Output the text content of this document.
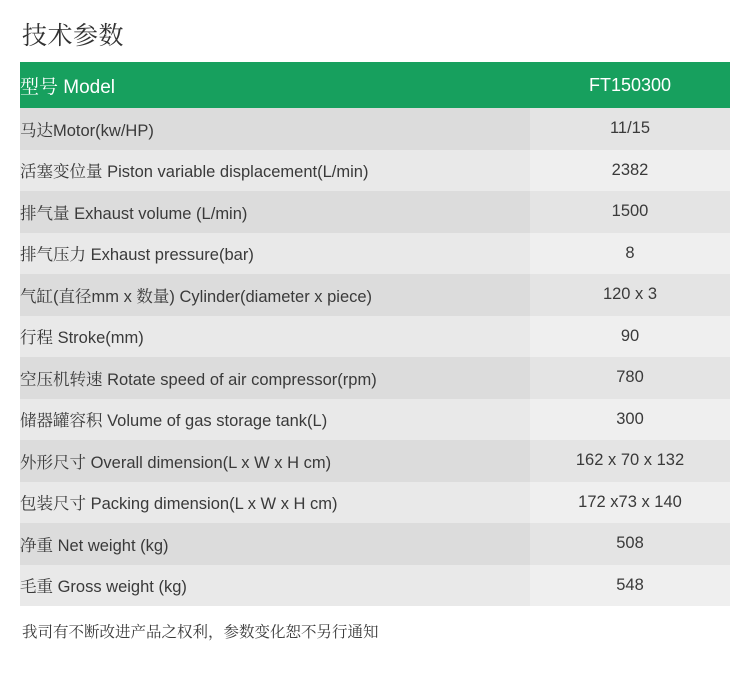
技术参数
型号 Model	FT150300
马达Motor(kw/HP)	11/15
活塞变位量 Piston variable displacement(L/min)	2382
排气量 Exhaust volume (L/min)	1500
排气压力 Exhaust pressure(bar)	8
气缸(直径mm x 数量) Cylinder(diameter x piece)	120 x 3
行程 Stroke(mm)	90
空压机转速 Rotate speed of air compressor(rpm)	780
储器罐容积 Volume of gas storage tank(L)	300
外形尺寸 Overall dimension(L x W x H cm)	162 x 70 x 132
包装尺寸 Packing dimension(L x W x H cm)	172 x73 x 140
净重 Net weight (kg)	508
毛重 Gross weight (kg)	548
我司有不断改进产品之权利，参数变化恕不另行通知
